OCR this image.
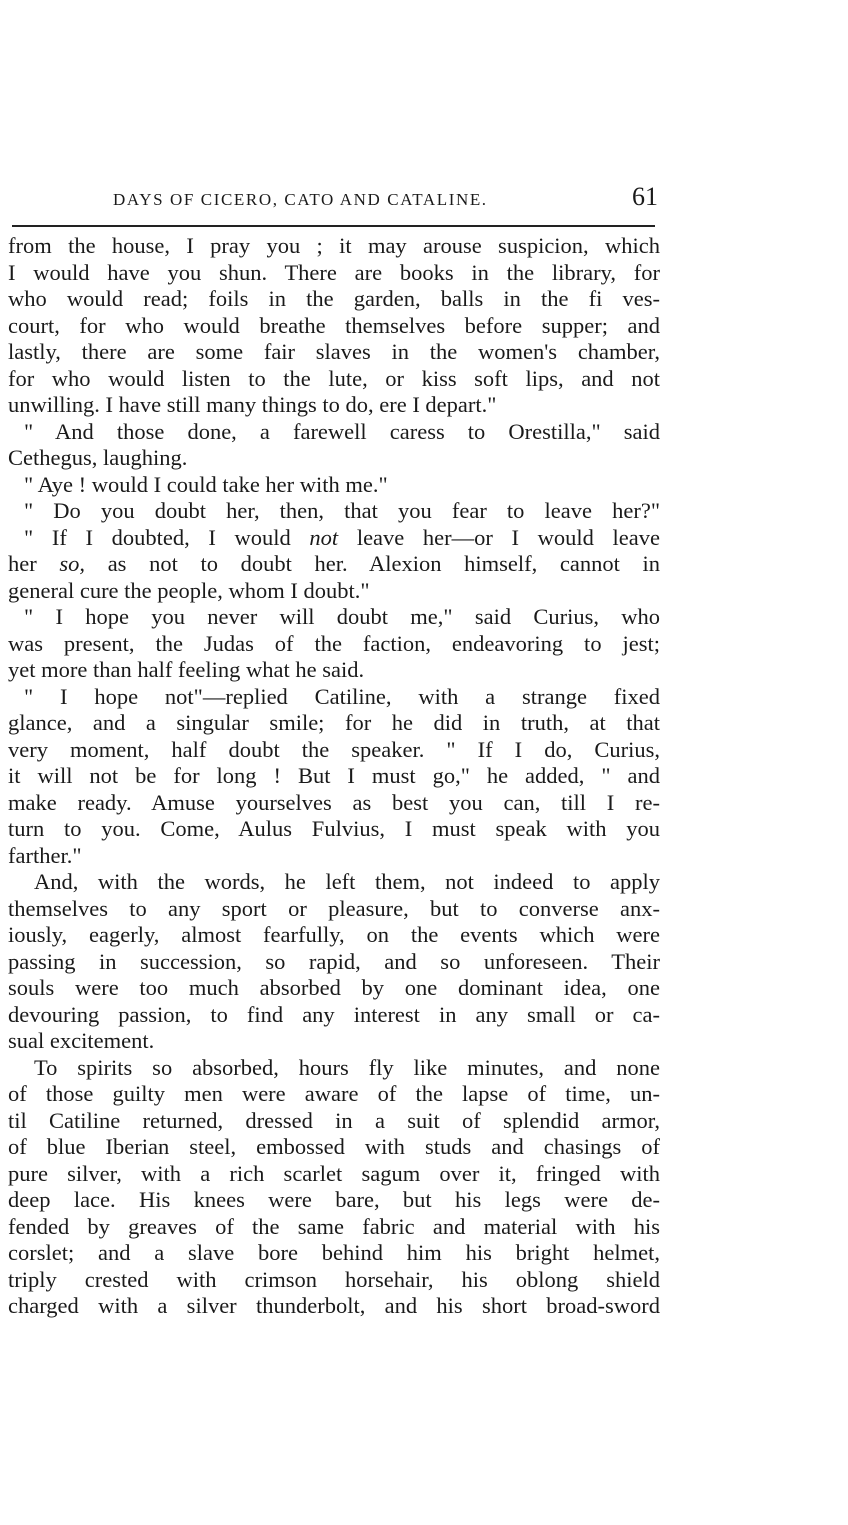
DAYS OF CICERO, CATO AND CATALINE.	61
from the house, I pray you ; it may arouse suspicion, which
I would have you shun. There are books in the library, for
who would read; foils in the garden, balls in the fi ves-
court, for who would breathe themselves before supper; and
lastly, there are some fair slaves in the women's chamber,
for who would listen to the lute, or kiss soft lips, and not
unwilling. I have still many things to do, ere I depart."
" And those done, a farewell caress to Orestilla," said
Cethegus, laughing.
" Aye ! would I could take her with me."
" Do you doubt her, then, that you fear to leave her?"
" If I doubted, I would not leave her—or I would leave
her so, as not to doubt her. Alexion himself, cannot in
general cure the people, whom I doubt."
" I hope you never will doubt me," said Curius, who
was present, the Judas of the faction, endeavoring to jest;
yet more than half feeling what he said.
" I hope not"—replied Catiline, with a strange fixed
glance, and a singular smile; for he did in truth, at that
very moment, half doubt the speaker. " If I do, Curius,
it will not be for long ! But I must go," he added, " and
make ready. Amuse yourselves as best you can, till I re-
turn to you. Come, Aulus Fulvius, I must speak with you
farther."
And, with the words, he left them, not indeed to apply
themselves to any sport or pleasure, but to converse anx-
iously, eagerly, almost fearfully, on the events which were
passing in succession, so rapid, and so unforeseen. Their
souls were too much absorbed by one dominant idea, one
devouring passion, to find any interest in any small or ca-
sual excitement.
To spirits so absorbed, hours fly like minutes, and none
of those guilty men were aware of the lapse of time, un-
til Catiline returned, dressed in a suit of splendid armor,
of blue Iberian steel, embossed with studs and chasings of
pure silver, with a rich scarlet sagum over it, fringed with
deep lace. His knees were bare, but his legs were de-
fended by greaves of the same fabric and material with his
corslet; and a slave bore behind him his bright helmet,
triply crested with crimson horsehair, his oblong shield
charged with a silver thunderbolt, and his short broad-sword
